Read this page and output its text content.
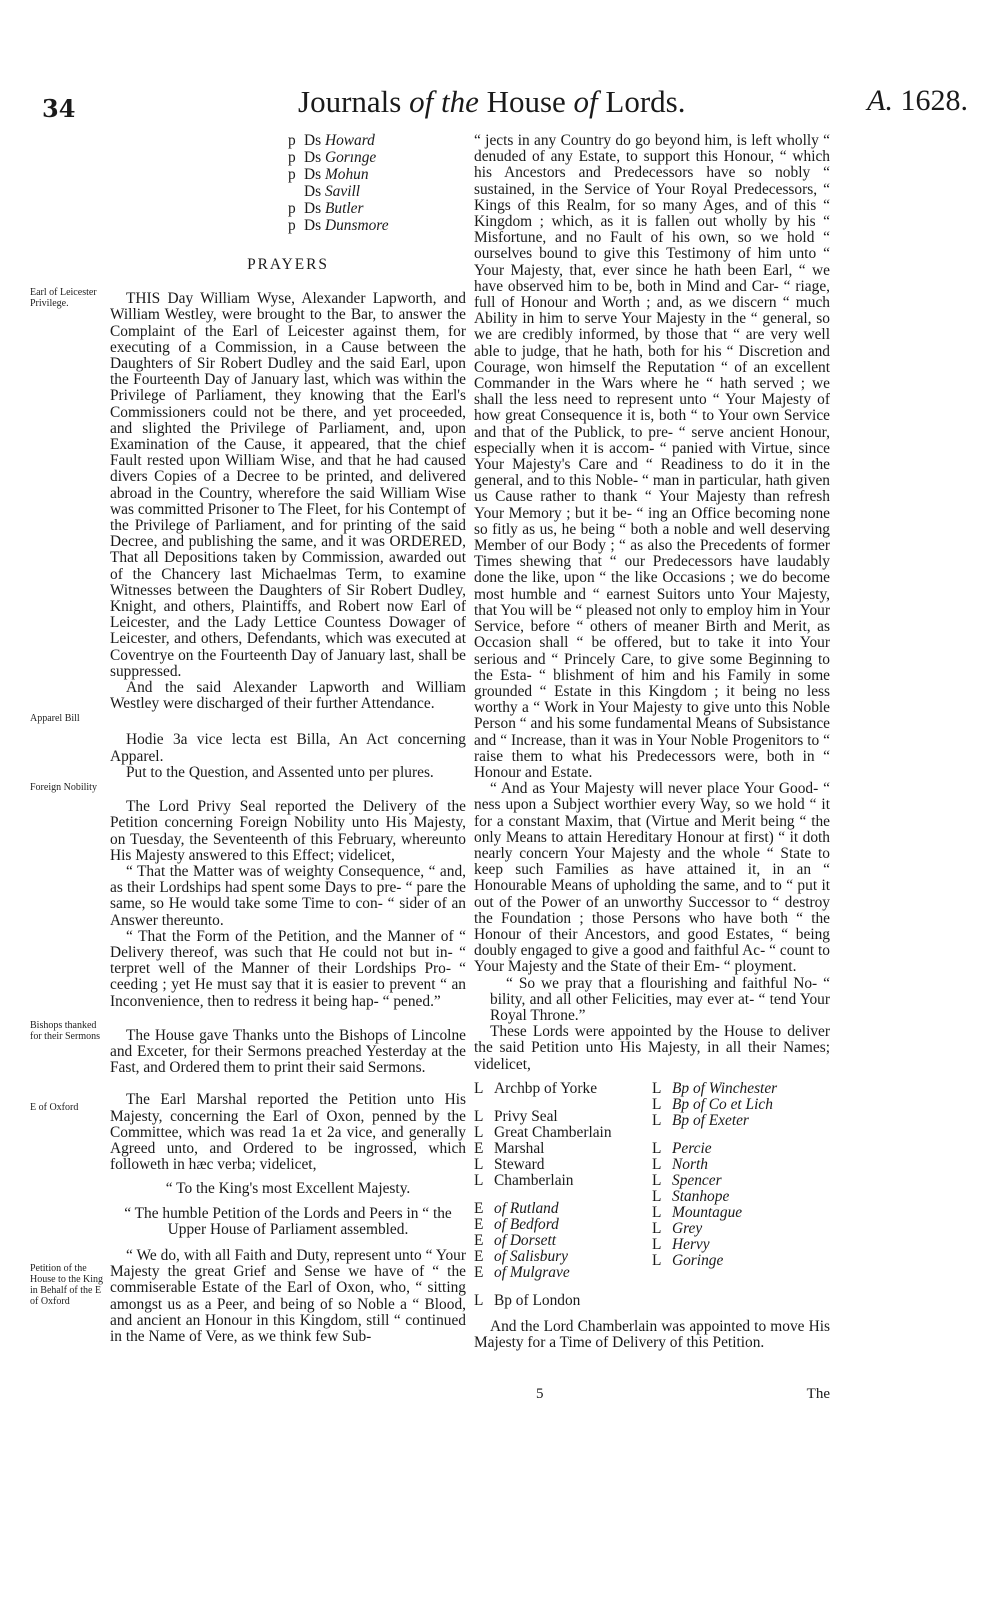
34	Journals of the House of Lords.	A. 1628.
Earl of Leicester Privilege.
Apparel Bill
Foreign Nobility
Bishops thanked for their Sermons
E of Oxford
Petition of the House to the King in Behalf of the E of Oxford
p Ds Howard
p Ds Gorınge
p Ds Mohun
Ds Savill
p Ds Butler
p Ds Dunsmore
PRAYERS

THIS Day William Wyse, Alexander Lapworth, and William Westley, were brought to the Bar, to answer the Complaint of the Earl of Leicester against them, for executing of a Commission, in a Cause between the Daughters of Sir Robert Dudley and the said Earl, upon the Fourteenth Day of January last, which was within the Privilege of Parliament, they knowing that the Earl's Commissioners could not be there, and yet proceeded, and slighted the Privilege of Parliament, and, upon Examination of the Cause, it appeared, that the chief Fault rested upon William Wise, and that he had caused divers Copies of a Decree to be printed, and delivered abroad in the Country, wherefore the said William Wise was committed Prisoner to The Fleet, for his Contempt of the Privilege of Parliament, and for printing of the said Decree, and publishing the same, and it was ORDERED, That all Depositions taken by Commission, awarded out of the Chancery last Michaelmas Term, to examine Witnesses between the Daughters of Sir Robert Dudley, Knight, and others, Plaintiffs, and Robert now Earl of Leicester, and the Lady Lettice Countess Dowager of Leicester, and others, Defendants, which was executed at Coventrye on the Fourteenth Day of January last, shall be suppressed.

And the said Alexander Lapworth and William Westley were discharged of their further Attendance.

Hodie 3a vice lecta est Billa, An Act concerning Apparel.

Put to the Question, and Assented unto per plures.

The Lord Privy Seal reported the Delivery of the Petition concerning Foreign Nobility unto His Majesty, on Tuesday, the Seventeenth of this February, whereunto His Majesty answered to this Effect; videlicet,

“ That the Matter was of weighty Consequence, “ and, as their Lordships had spent some Days to pre- “ pare the same, so He would take some Time to con- “ sider of an Answer thereunto.

“ That the Form of the Petition, and the Manner of “ Delivery thereof, was such that He could not but in- “ terpret well of the Manner of their Lordships Pro- “ ceeding ; yet He must say that it is easier to prevent “ an Inconvenience, then to redress it being hap- “ pened.”

The House gave Thanks unto the Bishops of Lincolne and Exceter, for their Sermons preached Yesterday at the Fast, and Ordered them to print their said Sermons.

The Earl Marshal reported the Petition unto His Majesty, concerning the Earl of Oxon, penned by the Committee, which was read 1a et 2a vice, and generally Agreed unto, and Ordered to be ingrossed, which followeth in hæc verba; videlicet,

“ To the King's most Excellent Majesty.

“ The humble Petition of the Lords and Peers in “ the Upper House of Parliament assembled.

“ We do, with all Faith and Duty, represent unto “ Your Majesty the great Grief and Sense we have of “ the commiserable Estate of the Earl of Oxon, who, “ sitting amongst us as a Peer, and being of so Noble a “ Blood, and ancient an Honour in this Kingdom, still “ continued in the Name of Vere, as we think few Sub-

“ jects in any Country do go beyond him, is left wholly “ denuded of any Estate, to support this Honour, “ which his Ancestors and Predecessors have so nobly “ sustained, in the Service of Your Royal Predecessors, “ Kings of this Realm, for so many Ages, and of this “ Kingdom ; which, as it is fallen out wholly by his “ Misfortune, and no Fault of his own, so we hold “ ourselves bound to give this Testimony of him unto “ Your Majesty, that, ever since he hath been Earl, “ we have observed him to be, both in Mind and Car- “ riage, full of Honour and Worth ; and, as we discern “ much Ability in him to serve Your Majesty in the “ general, so we are credibly informed, by those that “ are very well able to judge, that he hath, both for his “ Discretion and Courage, won himself the Reputation “ of an excellent Commander in the Wars where he “ hath served ; we shall the less need to represent unto “ Your Majesty of how great Consequence it is, both “ to Your own Service and that of the Publick, to pre- “ serve ancient Honour, especially when it is accom- “ panied with Virtue, since Your Majesty's Care and “ Readiness to do it in the general, and to this Noble- “ man in particular, hath given us Cause rather to thank “ Your Majesty than refresh Your Memory ; but it be- “ ing an Office becoming none so fitly as us, he being “ both a noble and well deserving Member of our Body ; “ as also the Precedents of former Times shewing that “ our Predecessors have laudably done the like, upon “ the like Occasions ; we do become most humble and “ earnest Suitors unto Your Majesty, that You will be “ pleased not only to employ him in Your Service, before “ others of meaner Birth and Merit, as Occasion shall “ be offered, but to take it into Your serious and “ Princely Care, to give some Beginning to the Esta- “ blishment of him and his Family in some grounded “ Estate in this Kingdom ; it being no less worthy a “ Work in Your Majesty to give unto this Noble Person “ and his some fundamental Means of Subsistance and “ Increase, than it was in Your Noble Progenitors to “ raise them to what his Predecessors were, both in “ Honour and Estate.

“ And as Your Majesty will never place Your Good- “ ness upon a Subject worthier every Way, so we hold “ it for a constant Maxim, that (Virtue and Merit being “ the only Means to attain Hereditary Honour at first) “ it doth nearly concern Your Majesty and the whole “ State to keep such Families as have attained it, in an “ Honourable Means of upholding the same, and to “ put it out of the Power of an unworthy Successor to “ destroy the Foundation ; those Persons who have both “ the Honour of their Ancestors, and good Estates, “ being doubly engaged to give a good and faithful Ac- “ count to Your Majesty and the State of their Em- “ ployment.

“ So we pray that a flourishing and faithful No- “ bility, and all other Felicities, may ever at- “ tend Your Royal Throne.”

These Lords were appointed by the House to deliver the said Petition unto His Majesty, in all their Names; videlicet,

L Archbp of Yorke
L Privy Seal
L Great Chamberlain
E Marshal
L Steward
L Chamberlain
E of Rutland
E of Bedford
E of Dorsett
E of Salisbury
E of Mulgrave
L Bp of London
L Bp of Winchester
L Bp of Co et Lich
L Bp of Exeter
L Percie
L North
L Spencer
L Stanhope
L Mountague
L Grey
L Hervy
L Goringe

And the Lord Chamberlain was appointed to move His Majesty for a Time of Delivery of this Petition.

5	The
